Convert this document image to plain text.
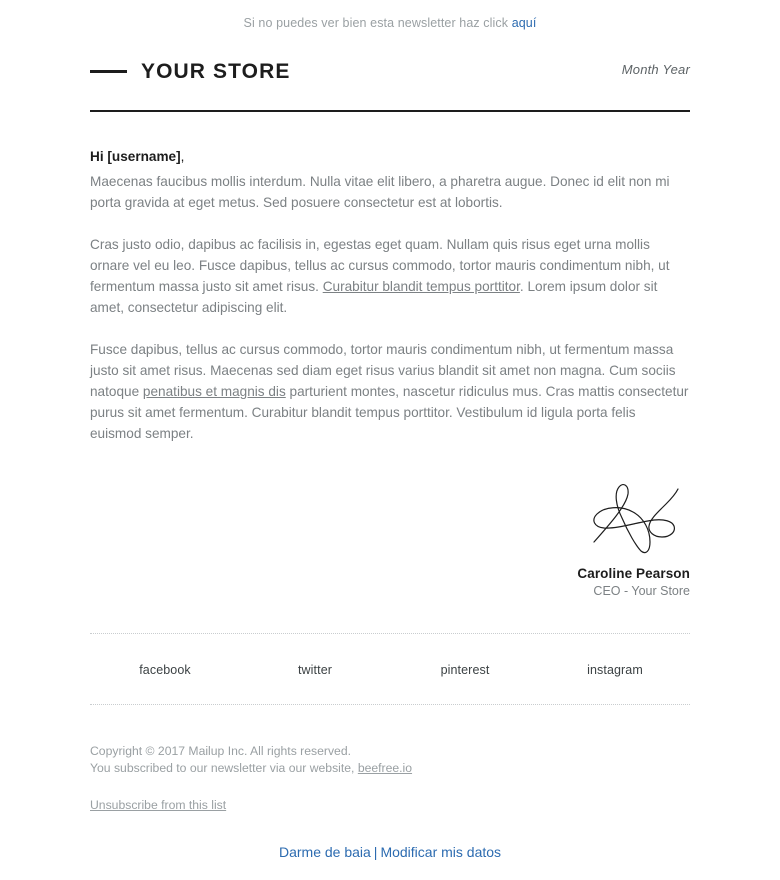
Si no puedes ver bien esta newsletter haz click aquí
YOUR STORE	Month Year

Hi [username],

Maecenas faucibus mollis interdum. Nulla vitae elit libero, a pharetra augue. Donec id elit non mi porta gravida at eget metus. Sed posuere consectetur est at lobortis.

Cras justo odio, dapibus ac facilisis in, egestas eget quam. Nullam quis risus eget urna mollis ornare vel eu leo. Fusce dapibus, tellus ac cursus commodo, tortor mauris condimentum nibh, ut fermentum massa justo sit amet risus. Curabitur blandit tempus porttitor. Lorem ipsum dolor sit amet, consectetur adipiscing elit.

Fusce dapibus, tellus ac cursus commodo, tortor mauris condimentum nibh, ut fermentum massa justo sit amet risus. Maecenas sed diam eget risus varius blandit sit amet non magna. Cum sociis natoque penatibus et magnis dis parturient montes, nascetur ridiculus mus. Cras mattis consectetur purus sit amet fermentum. Curabitur blandit tempus porttitor. Vestibulum id ligula porta felis euismod semper.

Caroline Pearson
CEO - Your Store
facebook	twitter	pinterest	instagram
Copyright © 2017 Mailup Inc. All rights reserved.
You subscribed to our newsletter via our website, beefree.io
Unsubscribe from this list
Darme de baia | Modificar mis datos
